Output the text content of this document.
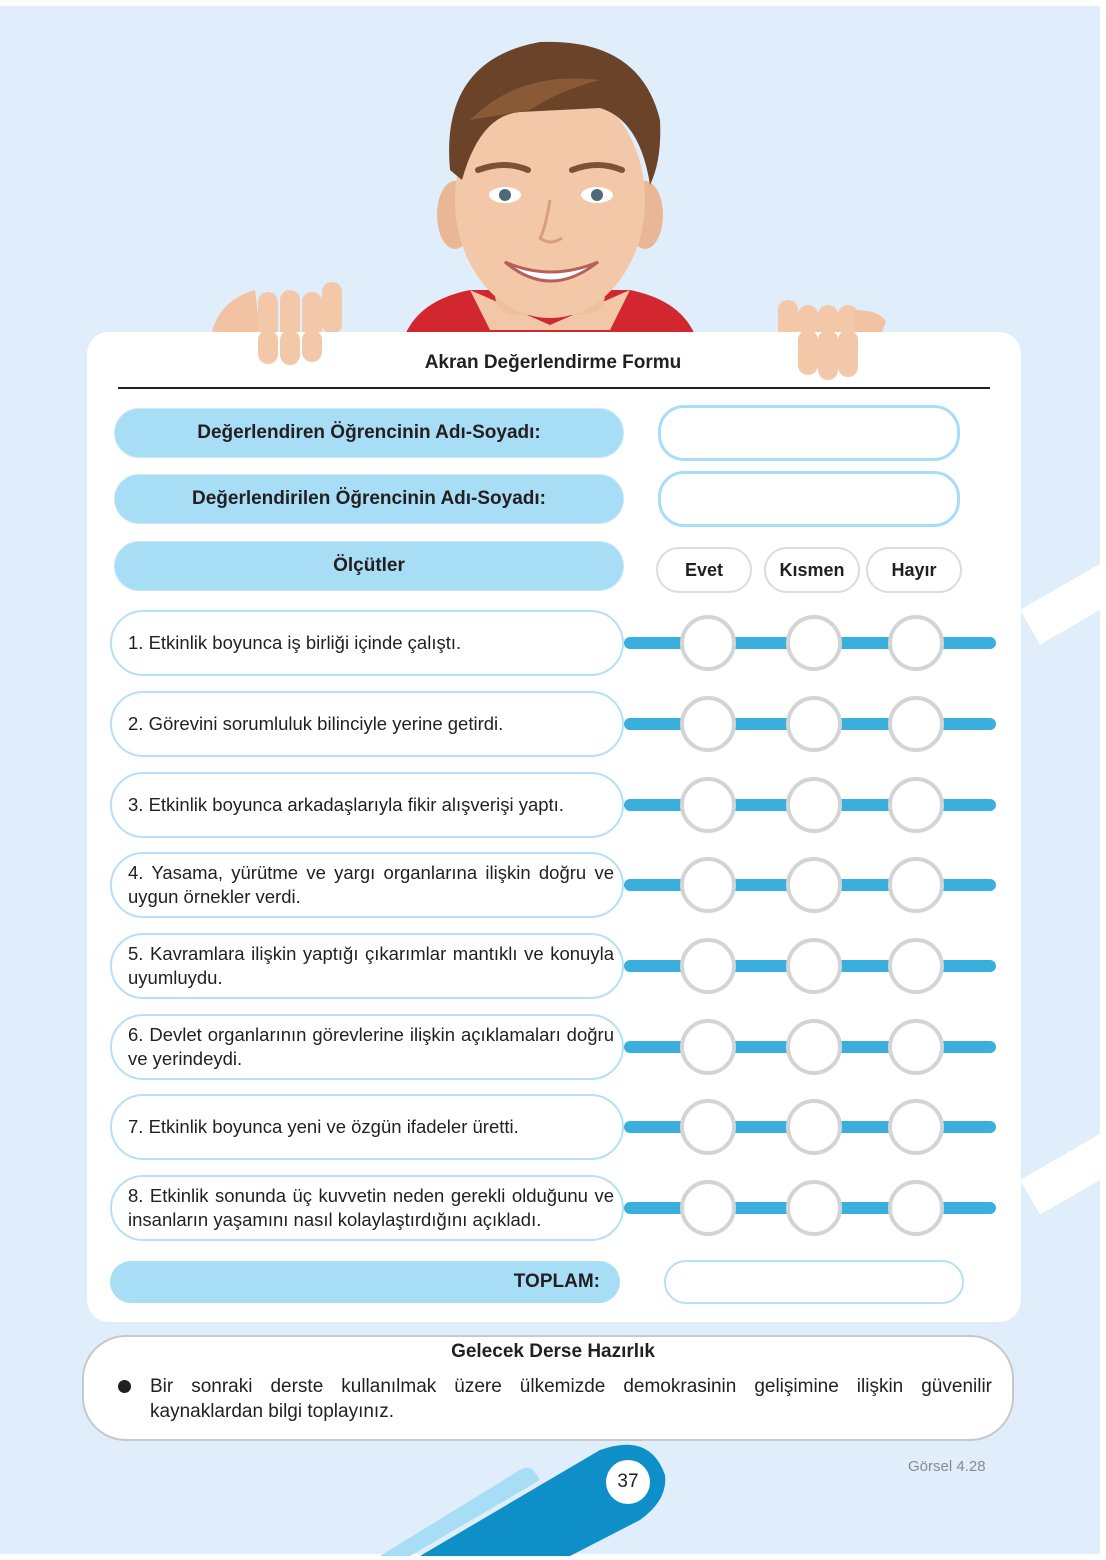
Akran Değerlendirme Formu
Değerlendiren Öğrencinin Adı-Soyadı:
Değerlendirilen Öğrencinin Adı-Soyadı:
Ölçütler	Evet	Kısmen	Hayır
1. Etkinlik boyunca iş birliği içinde çalıştı.
2. Görevini sorumluluk bilinciyle yerine getirdi.
3. Etkinlik boyunca arkadaşlarıyla fikir alışverişi yaptı.
4. Yasama, yürütme ve yargı organlarına ilişkin doğru ve uygun örnekler verdi.
5. Kavramlara ilişkin yaptığı çıkarımlar mantıklı ve konuyla uyumluydu.
6. Devlet organlarının görevlerine ilişkin açıklamaları doğru ve yerindeydi.
7. Etkinlik boyunca yeni ve özgün ifadeler üretti.
8. Etkinlik sonunda üç kuvvetin neden gerekli olduğunu ve insanların yaşamını nasıl kolaylaştırdığını açıkladı.
TOPLAM:
Gelecek Derse Hazırlık
Bir sonraki derste kullanılmak üzere ülkemizde demokrasinin gelişimine ilişkin güvenilir kaynaklardan bilgi toplayınız.
37
Görsel 4.28
